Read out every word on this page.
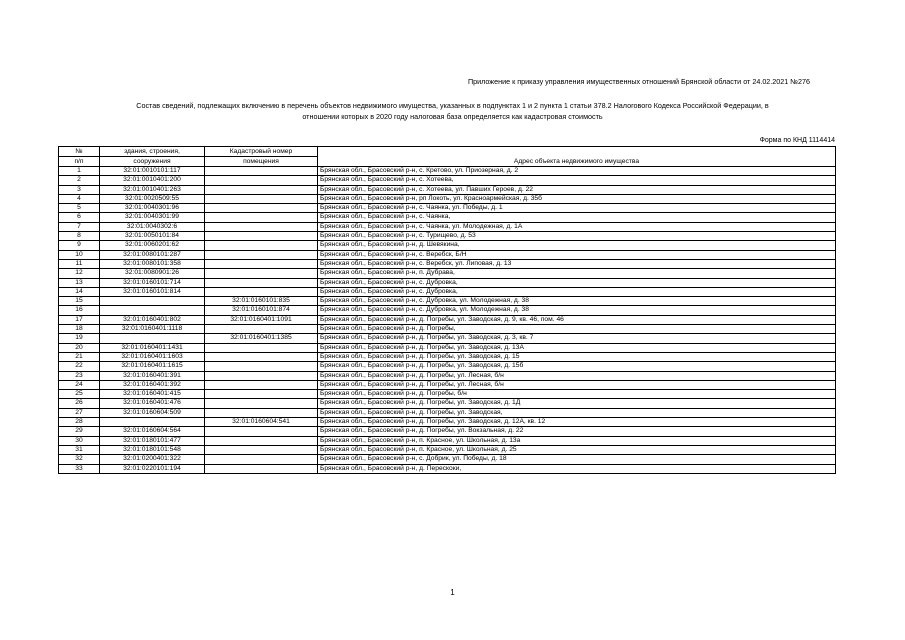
Приложение к приказу управления имущественных отношений Брянской области от 24.02.2021 №276
Состав сведений, подлежащих включению в перечень объектов недвижимого имущества, указанных в подпунктах 1 и 2 пункта 1 статьи 378.2 Налогового Кодекса Российской Федерации, в
отношении которых в 2020 году налоговая база определяется как кадастровая стоимость
Форма по КНД 1114414
№	здания, строения,	Кадастровый номер	Адрес объекта недвижимого имущества
п/п	сооружения	помещения	
1	32:01:0010101:117		Брянская обл., Брасовский р-н, с. Кретово, ул. Приозерная, д. 2
2	32:01:0010401:200		Брянская обл., Брасовский р-н, с. Хотеева,
3	32:01:0010401:263		Брянская обл., Брасовский р-н, с. Хотеева, ул. Павших Героев, д. 22
4	32:01:0020509:55		Брянская обл., Брасовский р-н, рп Локоть, ул. Красноармейская, д. 35б
5	32:01:0040301:96		Брянская обл., Брасовский р-н, с. Чаянка, ул. Победы, д. 1
6	32:01:0040301:99		Брянская обл., Брасовский р-н, с. Чаянка,
7	32:01:0040302:6		Брянская обл., Брасовский р-н, с. Чаянка, ул. Молодежная, д. 1А
8	32:01:0050101:84		Брянская обл., Брасовский р-н, с. Турищево, д. 53
9	32:01:0060201:62		Брянская обл., Брасовский р-н, д. Шевякина,
10	32:01:0080101:287		Брянская обл., Брасовский р-н, с. Веребск, Б/Н
11	32:01:0080101:358		Брянская обл., Брасовский р-н, с. Веребск, ул. Липовая, д. 13
12	32:01:0080901:26		Брянская обл., Брасовский р-н, п. Дубрава,
13	32:01:0160101:714		Брянская обл., Брасовский р-н, с. Дубровка,
14	32:01:0160101:814		Брянская обл., Брасовский р-н, с. Дубровка,
15		32:01:0160101:835	Брянская обл., Брасовский р-н, с. Дубровка, ул. Молодежная, д. 38
16		32:01:0160101:874	Брянская обл., Брасовский р-н, с. Дубровка, ул. Молодежная, д. 38
17	32:01:0160401:802	32:01:0160401:1091	Брянская обл., Брасовский р-н, д. Погребы, ул. Заводская, д. 9, кв. 46, пом. 46
18	32:01:0160401:1118		Брянская обл., Брасовский р-н, д. Погребы,
19		32:01:0160401:1385	Брянская обл., Брасовский р-н, д. Погребы, ул. Заводская, д. 3, кв. 7
20	32:01:0160401:1431		Брянская обл., Брасовский р-н, д. Погребы, ул. Заводская, д. 13А
21	32:01:0160401:1603		Брянская обл., Брасовский р-н, д. Погребы, ул. Заводская, д. 15
22	32:01:0160401:1615		Брянская обл., Брасовский р-н, д. Погребы, ул. Заводская, д. 15б
23	32:01:0160401:391		Брянская обл., Брасовский р-н, д. Погребы, ул. Лесная, б/н
24	32:01:0160401:392		Брянская обл., Брасовский р-н, д. Погребы, ул. Лесная, б/н
25	32:01:0160401:415		Брянская обл., Брасовский р-н, д. Погребы, б/н
26	32:01:0160401:476		Брянская обл., Брасовский р-н, д. Погребы, ул. Заводская, д. 1Д
27	32:01:0160604:509		Брянская обл., Брасовский р-н, д. Погребы, ул. Заводская,
28		32:01:0160604:541	Брянская обл., Брасовский р-н, д. Погребы, ул. Заводская, д. 12А, кв. 12
29	32:01:0160604:564		Брянская обл., Брасовский р-н, д. Погребы, ул. Вокзальная, д. 22
30	32:01:0180101:477		Брянская обл., Брасовский р-н, п. Красное, ул. Школьная, д. 13а
31	32:01:0180101:548		Брянская обл., Брасовский р-н, п. Красное, ул. Школьная, д. 25
32	32:01:0200401:322		Брянская обл., Брасовский р-н, с. Добрик, ул. Победы, д. 18
33	32:01:0220101:194		Брянская обл., Брасовский р-н, д. Перескоки,
1
